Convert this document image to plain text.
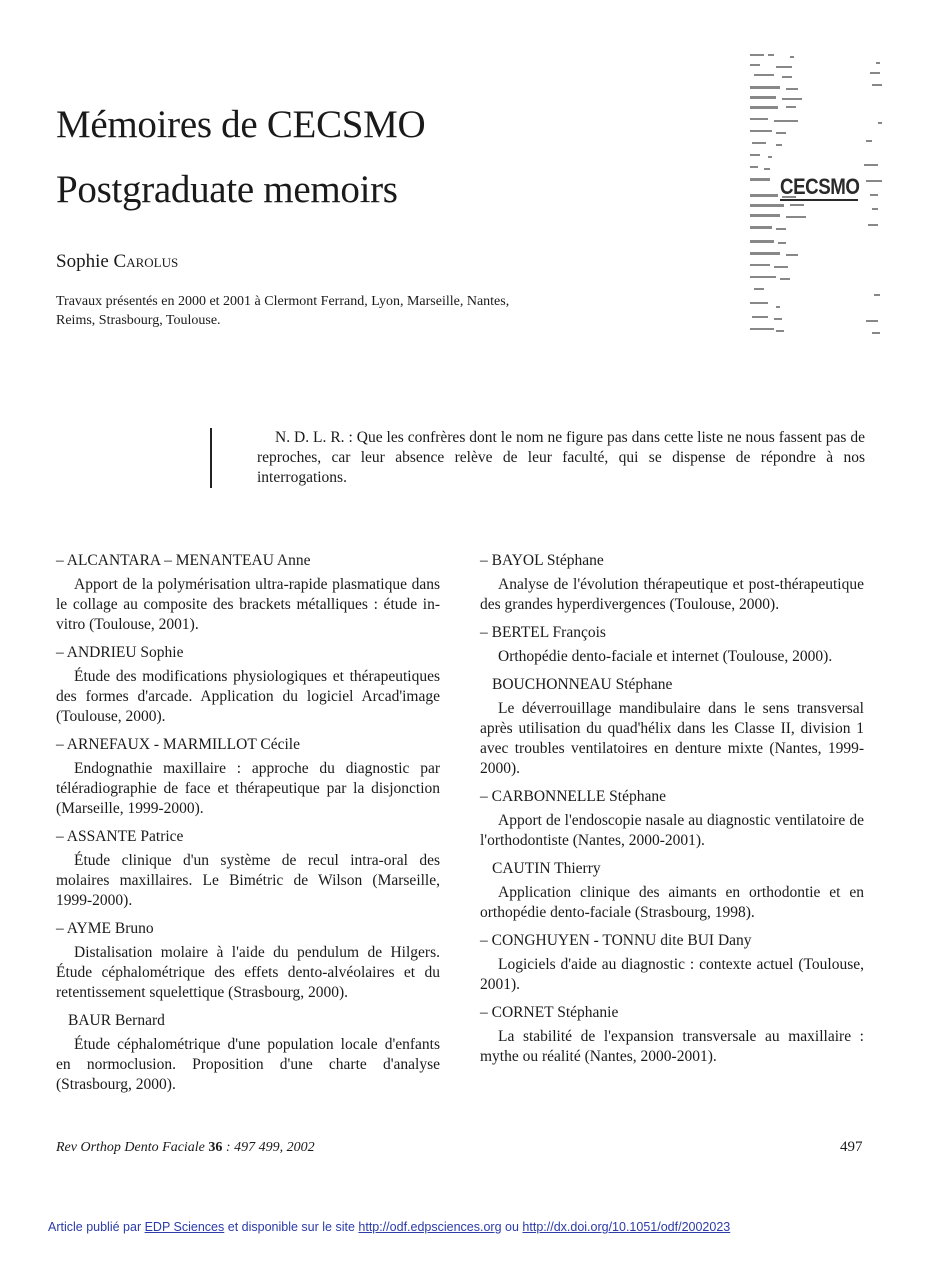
Mémoires de CECSMO
Postgraduate memoirs
Sophie Carolus
Travaux présentés en 2000 et 2001 à Clermont Ferrand, Lyon, Marseille, Nantes, Reims, Strasbourg, Toulouse.
CECSMO
N. D. L. R. : Que les confrères dont le nom ne figure pas dans cette liste ne nous fassent pas de reproches, car leur absence relève de leur faculté, qui se dispense de répondre à nos interrogations.
– ALCANTARA – MENANTEAU Anne
Apport de la polymérisation ultra-rapide plasmatique dans le collage au composite des brackets métalliques : étude in-vitro (Toulouse, 2001).
– ANDRIEU Sophie
Étude des modifications physiologiques et thérapeutiques des formes d'arcade. Application du logiciel Arcad'image (Toulouse, 2000).
– ARNEFAUX - MARMILLOT Cécile
Endognathie maxillaire : approche du diagnostic par téléradiographie de face et thérapeutique par la disjonction (Marseille, 1999-2000).
– ASSANTE Patrice
Étude clinique d'un système de recul intra-oral des molaires maxillaires. Le Bimétric de Wilson (Marseille, 1999-2000).
– AYME Bruno
Distalisation molaire à l'aide du pendulum de Hilgers. Étude céphalométrique des effets dento-alvéolaires et du retentissement squelettique (Strasbourg, 2000).
BAUR Bernard
Étude céphalométrique d'une population locale d'enfants en normoclusion. Proposition d'une charte d'analyse (Strasbourg, 2000).
– BAYOL Stéphane
Analyse de l'évolution thérapeutique et post-thérapeutique des grandes hyperdivergences (Toulouse, 2000).
– BERTEL François
Orthopédie dento-faciale et internet (Toulouse, 2000).
BOUCHONNEAU Stéphane
Le déverrouillage mandibulaire dans le sens transversal après utilisation du quad'hélix dans les Classe II, division 1 avec troubles ventilatoires en denture mixte (Nantes, 1999-2000).
– CARBONNELLE Stéphane
Apport de l'endoscopie nasale au diagnostic ventilatoire de l'orthodontiste (Nantes, 2000-2001).
CAUTIN Thierry
Application clinique des aimants en orthodontie et en orthopédie dento-faciale (Strasbourg, 1998).
– CONGHUYEN - TONNU dite BUI Dany
Logiciels d'aide au diagnostic : contexte actuel (Toulouse, 2001).
– CORNET Stéphanie
La stabilité de l'expansion transversale au maxillaire : mythe ou réalité (Nantes, 2000-2001).
Rev Orthop Dento Faciale 36 : 497 499, 2002	497
Article publié par EDP Sciences et disponible sur le site http://odf.edpsciences.org ou http://dx.doi.org/10.1051/odf/2002023
